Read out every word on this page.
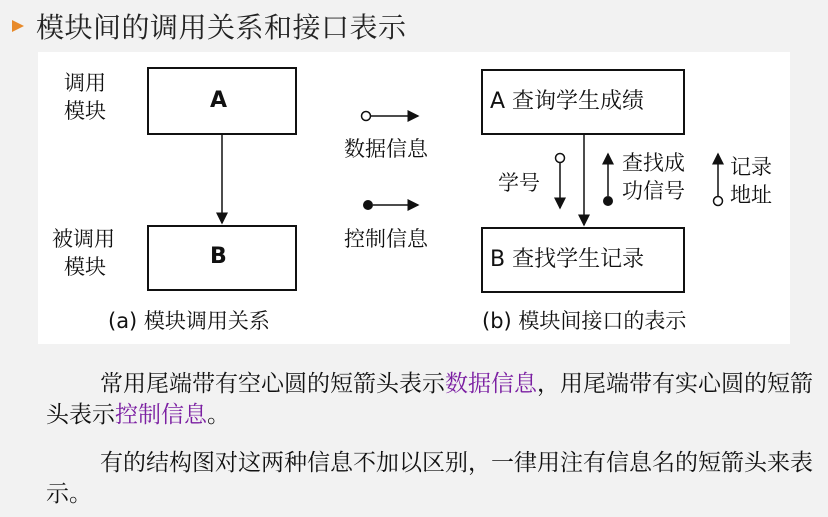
模块间的调用关系和接口表示
调用
模块
被调用
模块
A
B
(a) 模块调用关系
数据信息
控制信息
A 查询学生成绩
B 查找学生记录
学号
查找成
功信号
记录
地址
(b) 模块间接口的表示

常用尾端带有空心圆的短箭头表示数据信息，用尾端带有实心圆的短箭头表示控制信息。

有的结构图对这两种信息不加以区别，一律用注有信息名的短箭头来表示。
